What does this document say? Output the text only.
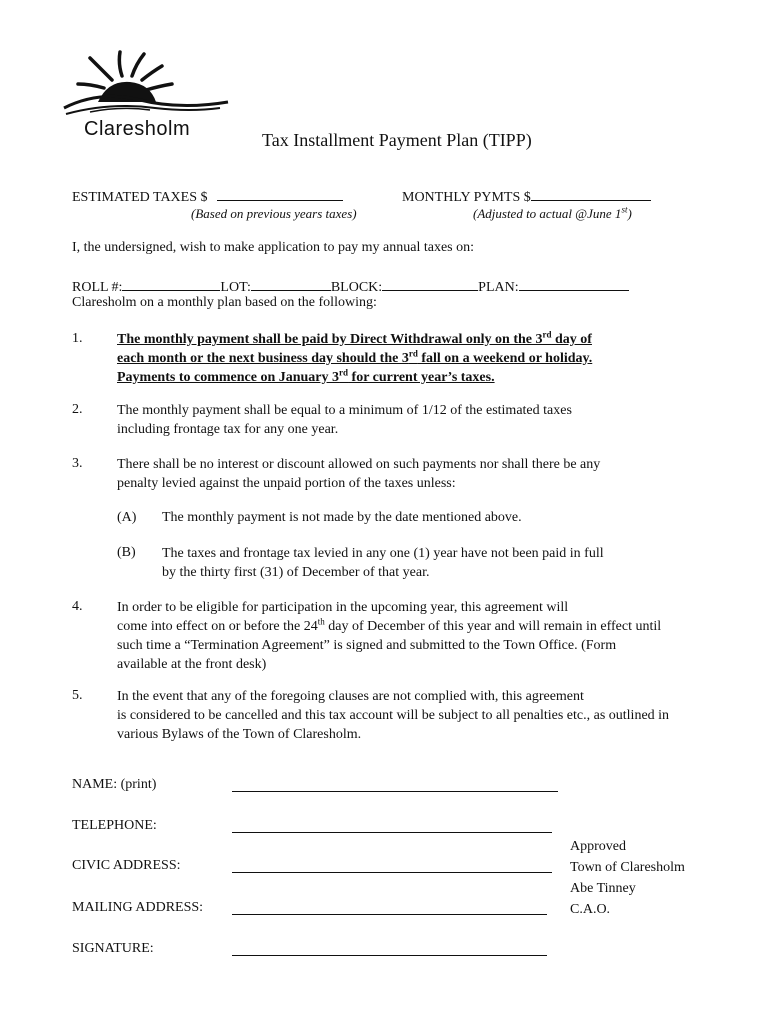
Claresholm	Tax Installment Payment Plan (TIPP)
ESTIMATED TAXES $
(Based on previous years taxes)
MONTHLY PYMTS $
(Adjusted to actual @June 1st)
I, the undersigned, wish to make application to pay my annual taxes on:
ROLL #:	LOT:	BLOCK:	PLAN:
Claresholm on a monthly plan based on the following:
1. The monthly payment shall be paid by Direct Withdrawal only on the 3rd day of
each month or the next business day should the 3rd fall on a weekend or holiday.
Payments to commence on January 3rd for current year’s taxes.
2. The monthly payment shall be equal to a minimum of 1/12 of the estimated taxes
including frontage tax for any one year.
3. There shall be no interest or discount allowed on such payments nor shall there be any
penalty levied against the unpaid portion of the taxes unless:
(A) The monthly payment is not made by the date mentioned above.
(B) The taxes and frontage tax levied in any one (1) year have not been paid in full
by the thirty first (31) of December of that year.
4. In order to be eligible for participation in the upcoming year, this agreement will
come into effect on or before the 24th day of December of this year and will remain in effect until
such time a “Termination Agreement” is signed and submitted to the Town Office. (Form
available at the front desk)
5. In the event that any of the foregoing clauses are not complied with, this agreement
is considered to be cancelled and this tax account will be subject to all penalties etc., as outlined in
various Bylaws of the Town of Claresholm.
NAME: (print)
TELEPHONE:
CIVIC ADDRESS:
MAILING ADDRESS:
SIGNATURE:
Approved
Town of Claresholm
Abe Tinney
C.A.O.
